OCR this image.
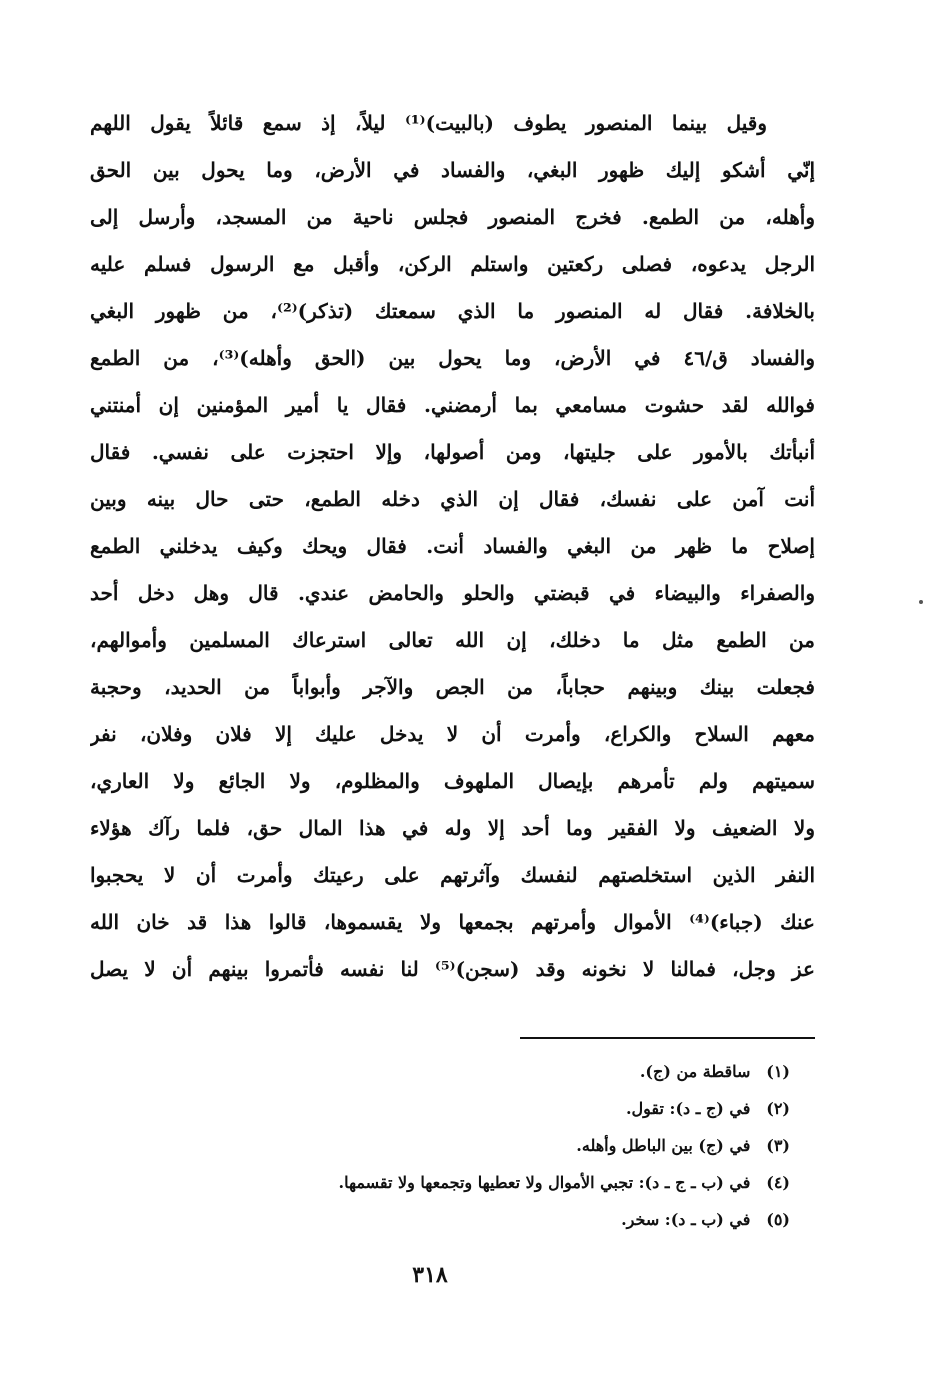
وقيل بينما المنصور يطوف (بالبيت)⁽¹⁾ ليلاً، إذ سمع قائلاً يقول اللهم
إنّي أشكو إليك ظهور البغي، والفساد في الأرض، وما يحول بين الحق
وأهله، من الطمع. فخرج المنصور فجلس ناحية من المسجد، وأرسل إلى
الرجل يدعوه، فصلى ركعتين واستلم الركن، وأقبل مع الرسول فسلم عليه
بالخلافة. فقال له المنصور ما الذي سمعتك (تذكر)⁽²⁾، من ظهور البغي
والفساد ق/٤٦ في الأرض، وما يحول بين (الحق وأهله)⁽³⁾، من الطمع
فوالله لقد حشوت مسامعي بما أرمضني. فقال يا أمير المؤمنين إن أمنتني
أنبأتك بالأمور على جليتها، ومن أصولها، وإلا احتجزت على نفسي. فقال
أنت آمن على نفسك، فقال إن الذي دخله الطمع، حتى حال بينه وبين
إصلاح ما ظهر من البغي والفساد أنت. فقال ويحك وكيف يدخلني الطمع
والصفراء والبيضاء في قبضتي والحلو والحامض عندي. قال وهل دخل أحد
من الطمع مثل ما دخلك، إن الله تعالى استرعاك المسلمين وأموالهم،
فجعلت بينك وبينهم حجاباً، من الجص والآجر وأبواباً من الحديد، وحجبة
معهم السلاح والكراع، وأمرت أن لا يدخل عليك إلا فلان وفلان، نفر
سميتهم ولم تأمرهم بإيصال الملهوف والمظلوم، ولا الجائع ولا العاري،
ولا الضعيف ولا الفقير وما أحد إلا وله في هذا المال حق، فلما رآك هؤلاء
النفر الذين استخلصتهم لنفسك وآثرتهم على رعيتك وأمرت أن لا يحجبوا
عنك (جباء)⁽⁴⁾ الأموال وأمرتهم بجمعها ولا يقسموها، قالوا هذا قد خان الله
عز وجل، فمالنا لا نخونه وقد (سجن)⁽⁵⁾ لنا نفسه فأتمروا بينهم أن لا يصل
(١) ساقطة من (ج).
(٢) في (ج ـ د): تقول.
(٣) في (ج) بين الباطل وأهله.
(٤) في (ب ـ ج ـ د): تجبي الأموال ولا تعطيها وتجمعها ولا تقسمها.
(٥) في (ب ـ د): سخر.
٣١٨
